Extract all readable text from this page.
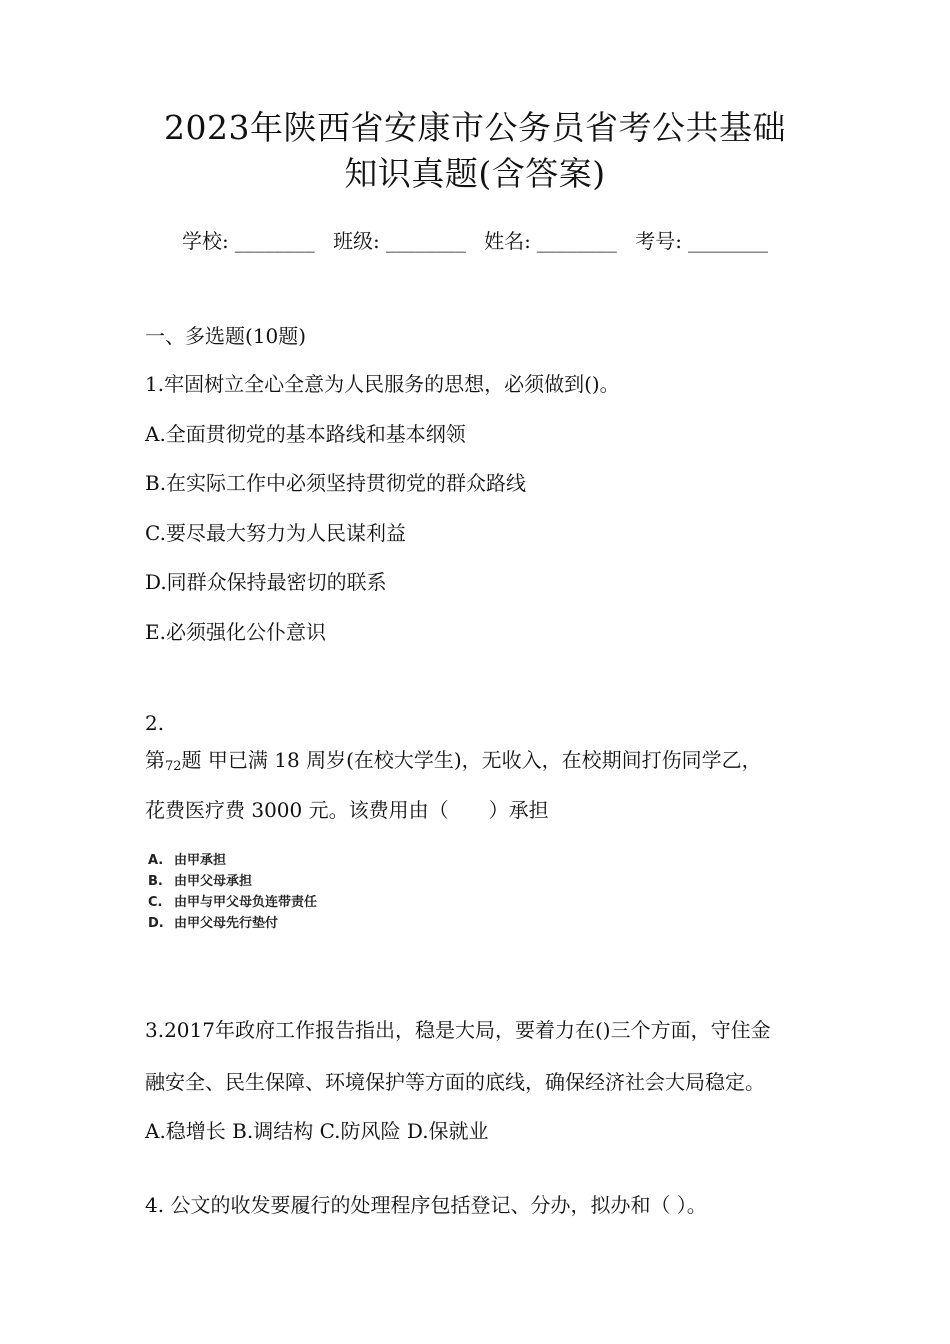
2023年陕西省安康市公务员省考公共基础
知识真题(含答案)
学校: ________ 班级: ________ 姓名: ________ 考号: ________
一、多选题(10题)
1.牢固树立全心全意为人民服务的思想，必须做到()。
A.全面贯彻党的基本路线和基本纲领
B.在实际工作中必须坚持贯彻党的群众路线
C.要尽最大努力为人民谋利益
D.同群众保持最密切的联系
E.必须强化公仆意识
2.
第$_{72}$题 甲已满 18 周岁(在校大学生)，无收入，在校期间打伤同学乙，
花费医疗费 3000 元。该费用由（　　）承担
A. 由甲承担
B. 由甲父母承担
C. 由甲与甲父母负连带责任
D. 由甲父母先行垫付
3.2017年政府工作报告指出，稳是大局，要着力在()三个方面，守住金
融安全、民生保障、环境保护等方面的底线，确保经济社会大局稳定。
A.稳增长 B.调结构 C.防风险 D.保就业
4. 公文的收发要履行的处理程序包括登记、分办，拟办和（ ）。
